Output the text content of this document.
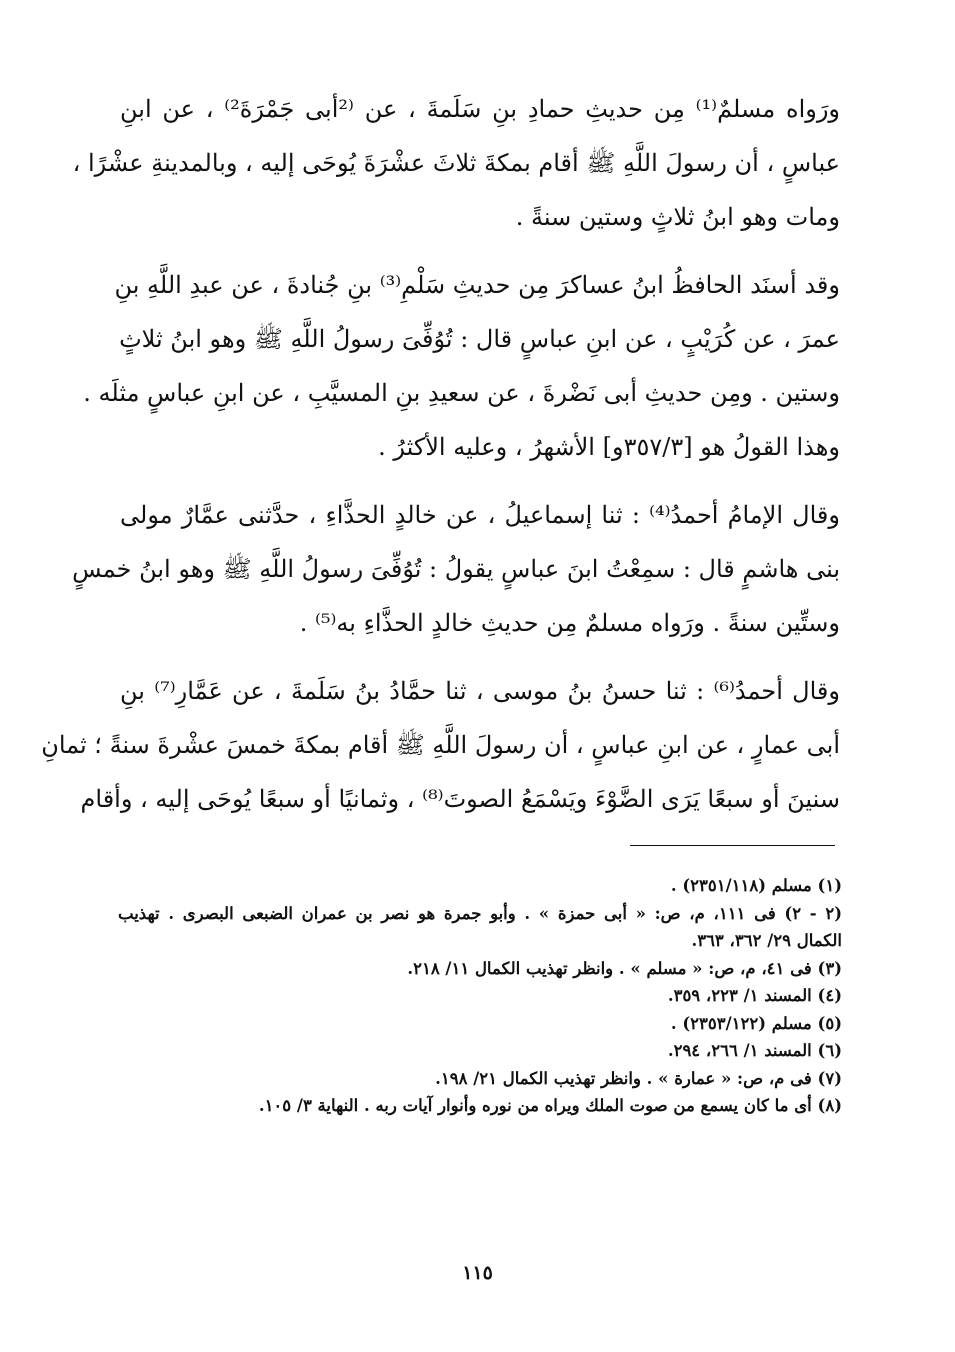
ورَواه مسلمٌ⁽¹⁾ مِن حديثِ حمادِ بنِ سَلَمةَ ، عن ⁽²أبى جَمْرَةَ²⁾ ، عن ابنِ
عباسٍ ، أن رسولَ اللَّهِ ﷺ أقام بمكةَ ثلاثَ عشْرَةَ يُوحَى إليه ، وبالمدينةِ عشْرًا ،
ومات وهو ابنُ ثلاثٍ وستين سنةً .

وقد أسنَد الحافظُ ابنُ عساكرَ مِن حديثِ سَلْمِ⁽³⁾ بنِ جُنادةَ ، عن عبدِ اللَّهِ بنِ
عمرَ ، عن كُرَيْبٍ ، عن ابنِ عباسٍ قال : تُوُفِّىَ رسولُ اللَّهِ ﷺ وهو ابنُ ثلاثٍ
وستين . ومِن حديثِ أبى نَضْرةَ ، عن سعيدِ بنِ المسيَّبِ ، عن ابنِ عباسٍ مثلَه .
وهذا القولُ هو [٣٥٧/٣و] الأشهرُ ، وعليه الأكثرُ .

وقال الإمامُ أحمدُ⁽⁴⁾ : ثنا إسماعيلُ ، عن خالدٍ الحذَّاءِ ، حدَّثنى عمَّارٌ مولى
بنى هاشمٍ قال : سمِعْتُ ابنَ عباسٍ يقولُ : تُوُفِّىَ رسولُ اللَّهِ ﷺ وهو ابنُ خمسٍ
وستِّين سنةً . ورَواه مسلمٌ مِن حديثِ خالدٍ الحذَّاءِ به⁽⁵⁾ .

وقال أحمدُ⁽⁶⁾ : ثنا حسنُ بنُ موسى ، ثنا حمَّادُ بنُ سَلَمةَ ، عن عَمَّارِ⁽⁷⁾ بنِ
أبى عمارٍ ، عن ابنِ عباسٍ ، أن رسولَ اللَّهِ ﷺ أقام بمكةَ خمسَ عشْرةَ سنةً ؛ ثمانِ
سنينَ أو سبعًا يَرَى الضَّوْءَ ويَسْمَعُ الصوتَ⁽⁸⁾ ، وثمانيًا أو سبعًا يُوحَى إليه ، وأقام

(١) مسلم (٢٣٥١/١١٨) .
(٢ - ٢) فى ١١١، م، ص: « أبى حمزة » . وأبو جمرة هو نصر بن عمران الضبعى البصرى . تهذيب
الكمال ٢٩/ ٣٦٢، ٣٦٣.
(٣) فى ٤١، م، ص: « مسلم » . وانظر تهذيب الكمال ١١/ ٢١٨.
(٤) المسند ١/ ٢٢٣، ٣٥٩.
(٥) مسلم (٢٣٥٣/١٢٢) .
(٦) المسند ١/ ٢٦٦، ٢٩٤.
(٧) فى م، ص: « عمارة » . وانظر تهذيب الكمال ٢١/ ١٩٨.
(٨) أى ما كان يسمع من صوت الملك ويراه من نوره وأنوار آيات ربه . النهاية ٣/ ١٠٥.
١١٥
